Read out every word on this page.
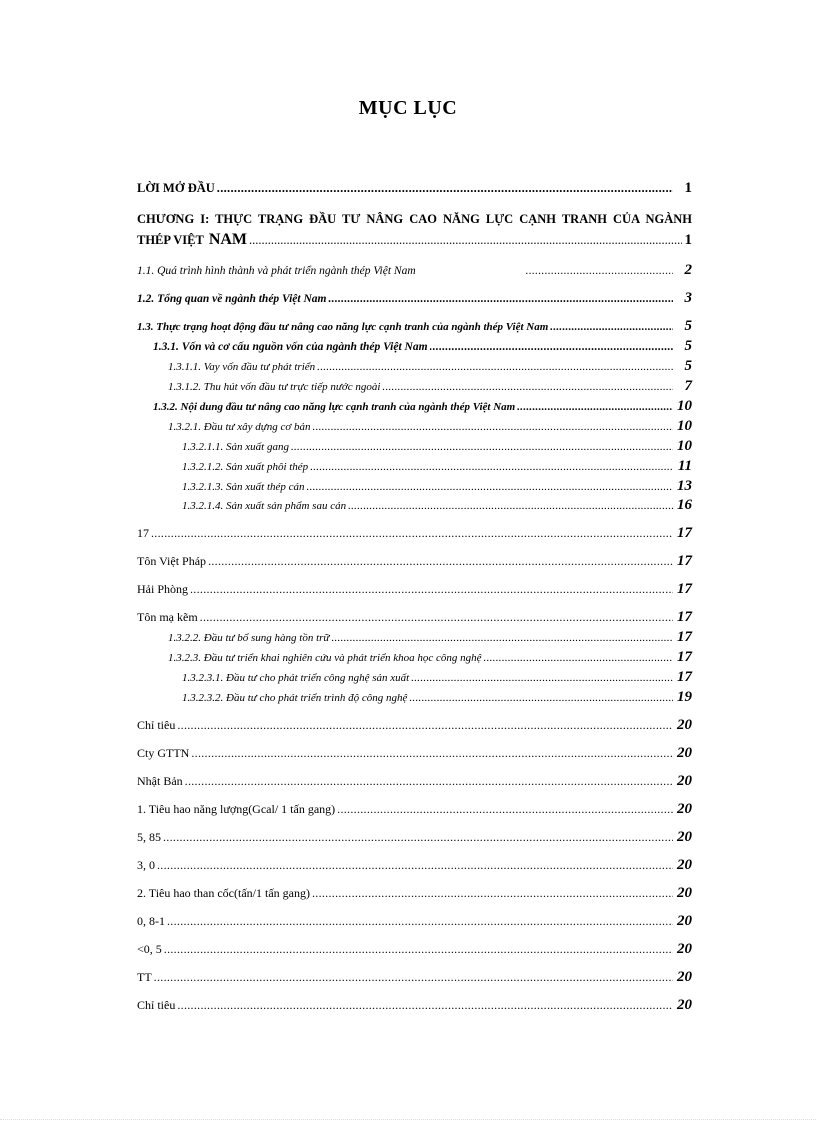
MỤC LỤC
LỜI MỞ ĐẦU .....	1
CHƯƠNG I: THỰC TRẠNG ĐẦU TƯ NÂNG CAO NĂNG LỰC CẠNH TRANH CỦA NGÀNH
THÉP VIỆT NAM .....	1
1.1. Quá trình hình thành và phát triển ngành thép Việt Nam .....	2
1.2. Tổng quan về ngành thép Việt Nam .....	3
1.3. Thực trạng hoạt động đầu tư nâng cao năng lực cạnh tranh của ngành thép Việt Nam .....	5
1.3.1. Vốn và cơ cấu nguồn vốn của ngành thép Việt Nam .....	5
1.3.1.1. Vay vốn đầu tư phát triển .....	5
1.3.1.2. Thu hút vốn đầu tư trực tiếp nước ngoài .....	7
1.3.2. Nội dung đầu tư nâng cao năng lực cạnh tranh của ngành thép Việt Nam .....	10
1.3.2.1. Đầu tư xây dựng cơ bản .....	10
1.3.2.1.1. Sản xuất gang .....	10
1.3.2.1.2. Sản xuất phôi thép .....	11
1.3.2.1.3. Sản xuất thép cán .....	13
1.3.2.1.4. Sản xuất sản phẩm sau cán .....	16
17 .....	17
Tôn Việt Pháp .....	17
Hải Phòng .....	17
Tôn mạ kẽm .....	17
1.3.2.2. Đầu tư bổ sung hàng tồn trữ .....	17
1.3.2.3. Đầu tư triển khai nghiên cứu và phát triển khoa học công nghệ .....	17
1.3.2.3.1. Đầu tư cho phát triển công nghệ sản xuất .....	17
1.3.2.3.2. Đầu tư cho phát triển trình độ công nghệ .....	19
Chỉ tiêu .....	20
Cty GTTN .....	20
Nhật Bản .....	20
1. Tiêu hao năng lượng(Gcal/ 1 tấn gang) .....	20
5, 85 .....	20
3, 0 .....	20
2. Tiêu hao than cốc(tấn/1 tấn gang) .....	20
0, 8-1 .....	20
<0, 5 .....	20
TT .....	20
Chỉ tiêu .....	20
